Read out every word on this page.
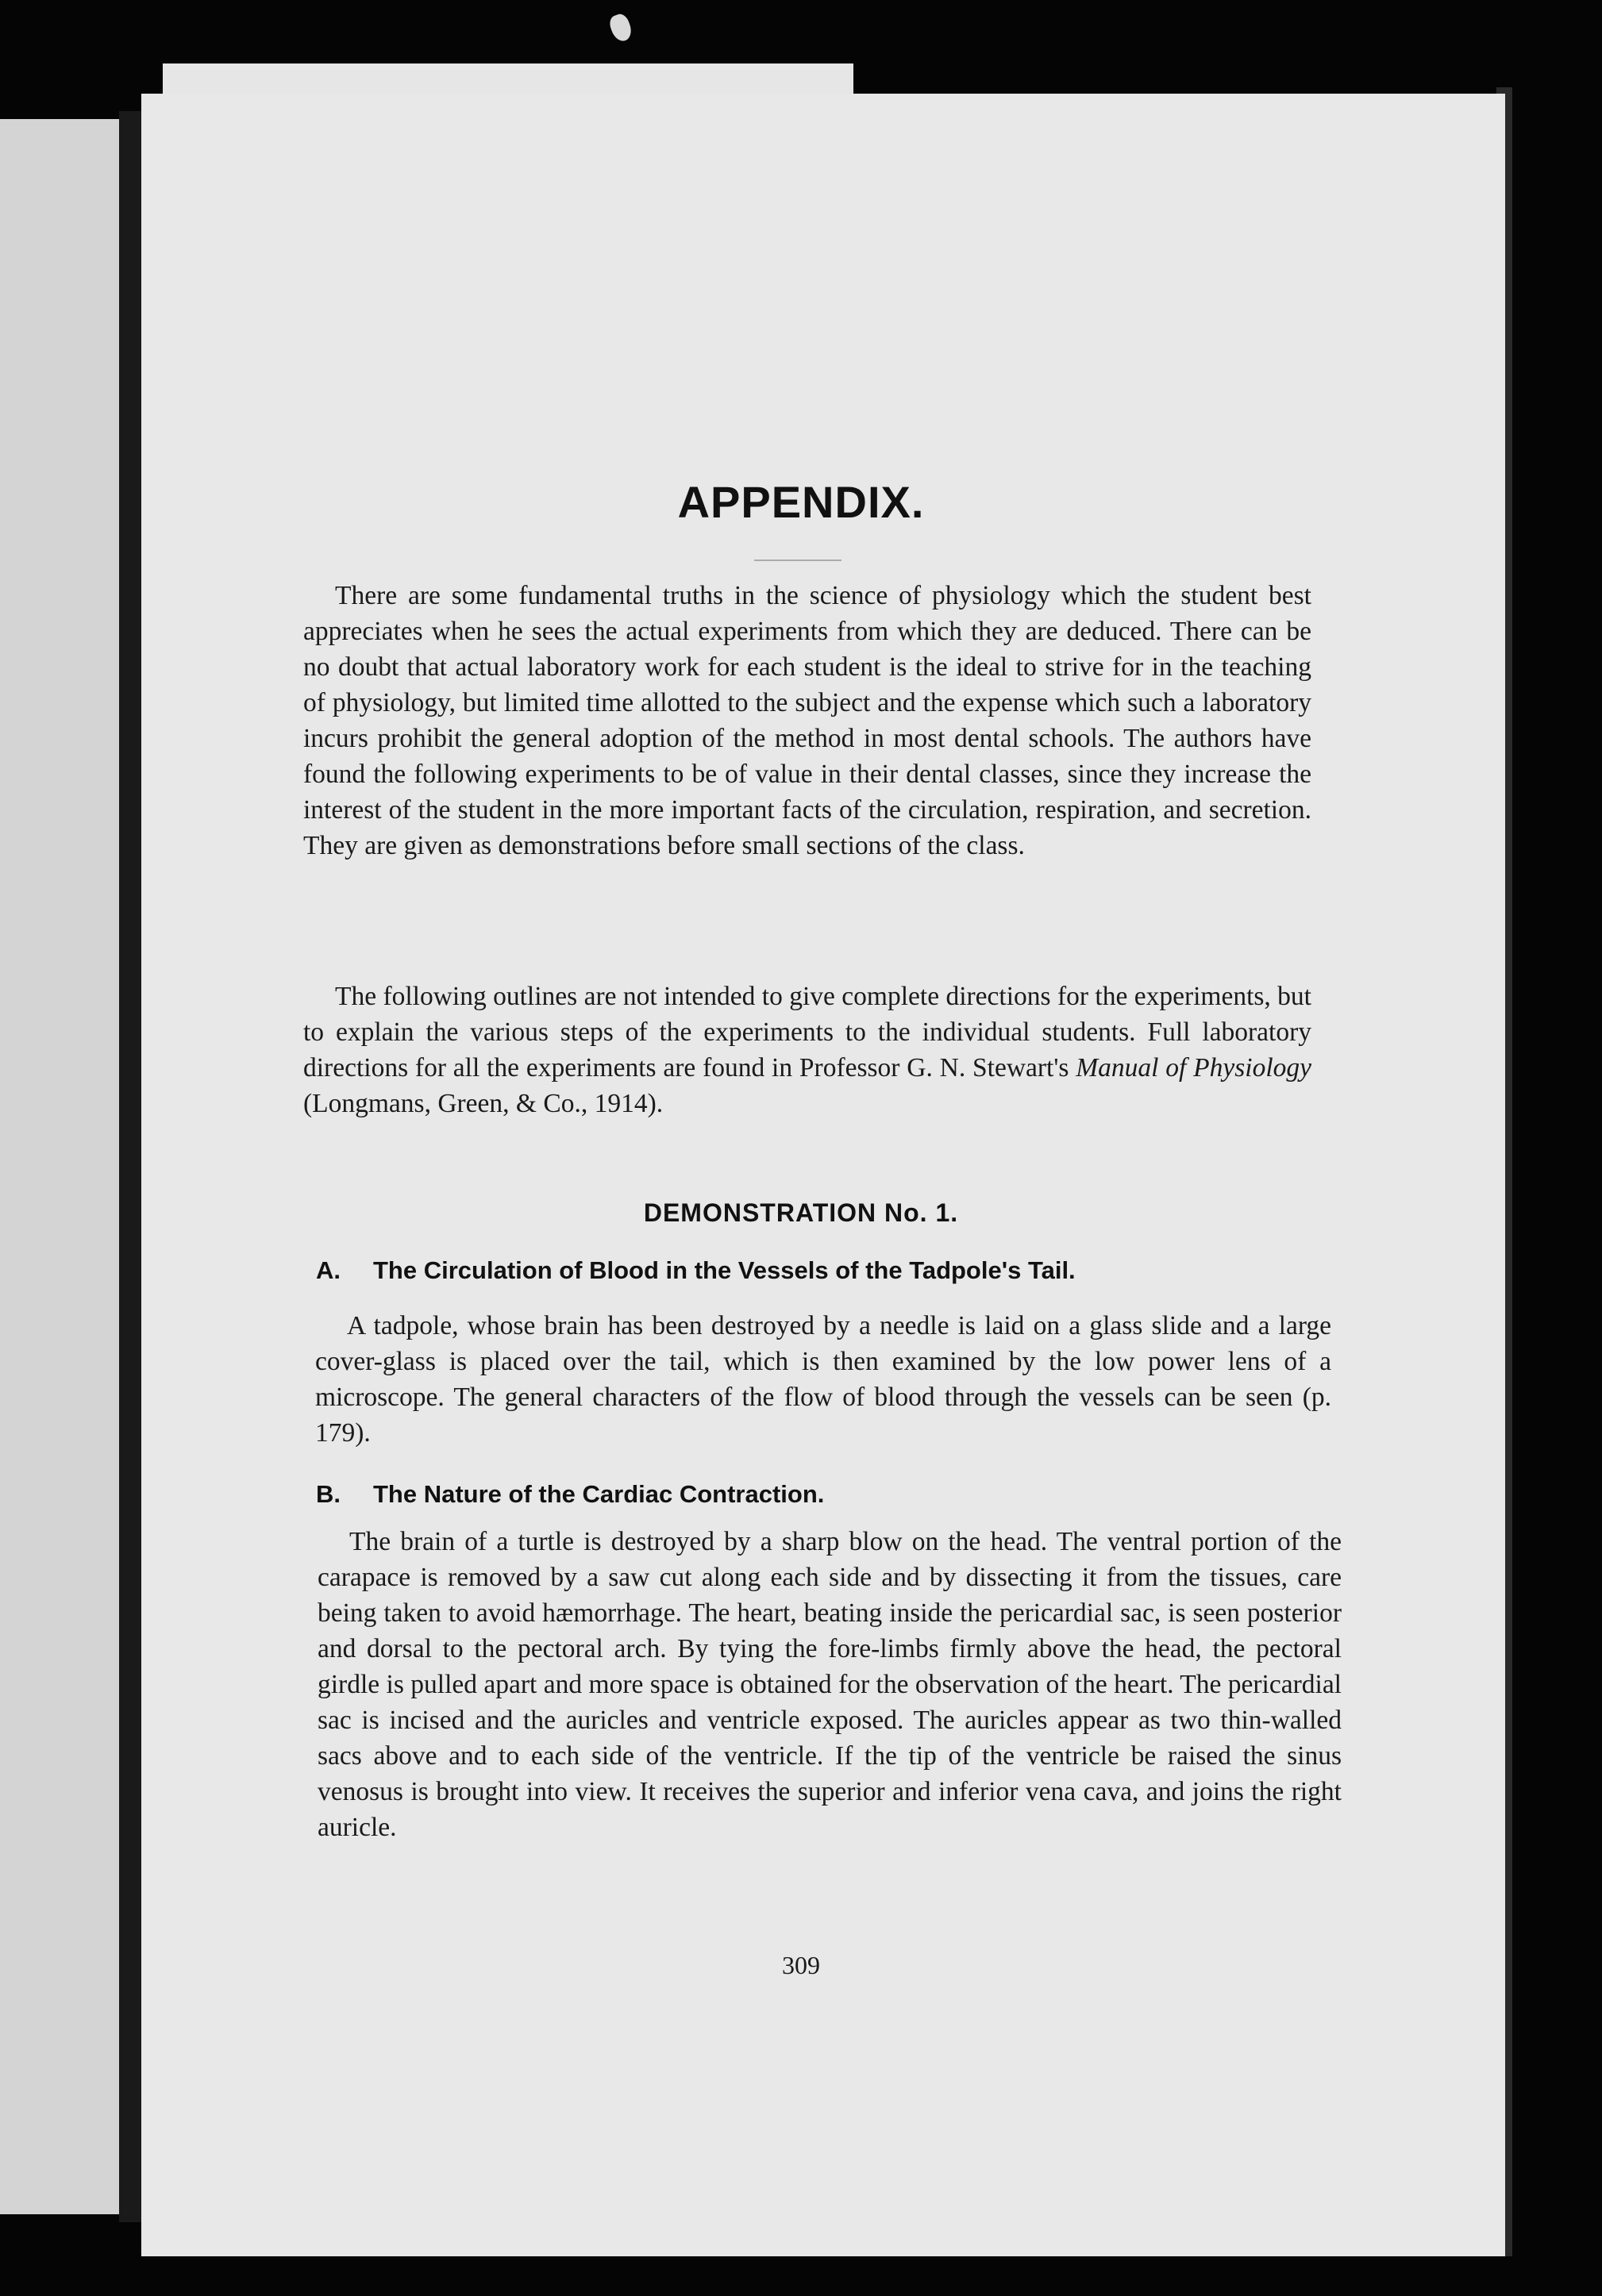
APPENDIX.

There are some fundamental truths in the science of physiology which the student best appreciates when he sees the actual experiments from which they are deduced. There can be no doubt that actual laboratory work for each student is the ideal to strive for in the teaching of physiology, but limited time allotted to the subject and the expense which such a laboratory incurs prohibit the general adoption of the method in most dental schools. The authors have found the following experiments to be of value in their dental classes, since they increase the interest of the student in the more important facts of the circulation, respiration, and secretion. They are given as demonstrations before small sections of the class.

The following outlines are not intended to give complete directions for the experiments, but to explain the various steps of the experiments to the individual students. Full laboratory directions for all the experiments are found in Professor G. N. Stewart's Manual of Physiology (Longmans, Green, & Co., 1914).

DEMONSTRATION No. 1.
A. The Circulation of Blood in the Vessels of the Tadpole's Tail.

A tadpole, whose brain has been destroyed by a needle is laid on a glass slide and a large cover-glass is placed over the tail, which is then examined by the low power lens of a microscope. The general characters of the flow of blood through the vessels can be seen (p. 179).

B. The Nature of the Cardiac Contraction.

The brain of a turtle is destroyed by a sharp blow on the head. The ventral portion of the carapace is removed by a saw cut along each side and by dissecting it from the tissues, care being taken to avoid hæmorrhage. The heart, beating inside the pericardial sac, is seen posterior and dorsal to the pectoral arch. By tying the fore-limbs firmly above the head, the pectoral girdle is pulled apart and more space is obtained for the observation of the heart. The pericardial sac is incised and the auricles and ventricle exposed. The auricles appear as two thin-walled sacs above and to each side of the ventricle. If the tip of the ventricle be raised the sinus venosus is brought into view. It receives the superior and inferior vena cava, and joins the right auricle.

309
